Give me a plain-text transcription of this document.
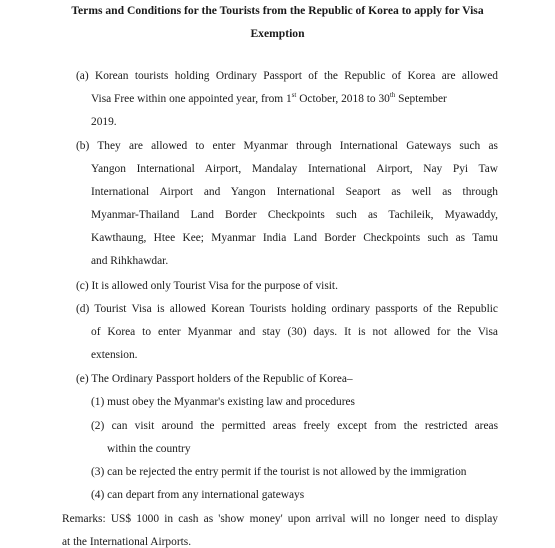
Terms and Conditions for the Tourists from the Republic of Korea to apply for Visa
Exemption
(a) Korean tourists holding Ordinary Passport of the Republic of Korea are allowed
Visa Free within one appointed year, from 1st October, 2018 to 30th September
2019.
(b) They are allowed to enter Myanmar through International Gateways such as
Yangon International Airport, Mandalay International Airport, Nay Pyi Taw
International Airport and Yangon International Seaport as well as through
Myanmar-Thailand Land Border Checkpoints such as Tachileik, Myawaddy,
Kawthaung, Htee Kee; Myanmar India Land Border Checkpoints such as Tamu
and Rihkhawdar.
(c) It is allowed only Tourist Visa for the purpose of visit.
(d) Tourist Visa is allowed Korean Tourists holding ordinary passports of the Republic
of Korea to enter Myanmar and stay (30) days. It is not allowed for the Visa
extension.
(e) The Ordinary Passport holders of the Republic of Korea–
(1) must obey the Myanmar's existing law and procedures
(2) can visit around the permitted areas freely except from the restricted areas
within the country
(3) can be rejected the entry permit if the tourist is not allowed by the immigration
(4) can depart from any international gateways
Remarks: US$ 1000 in cash as 'show money' upon arrival will no longer need to display
at the International Airports.
